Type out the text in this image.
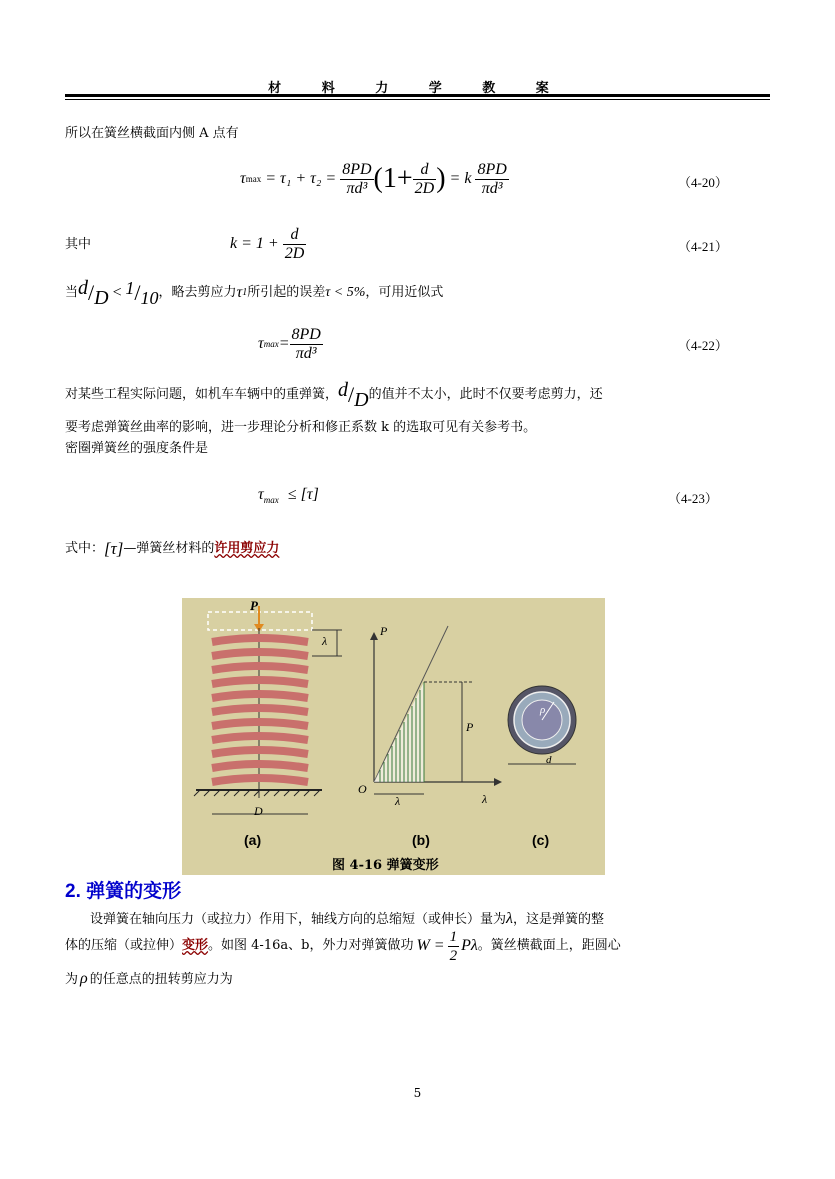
材 料 力 学 教 案
所以在簧丝横截面内侧 A 点有
τ $\max = \tau_1 + \tau_2 = \frac{8PD}{\text{πd³}} (1+ \frac{d}{2D}$ ) = k $\frac{8PD}{\text{πd³}}$	（4-20）
其中	$k = 1 + \frac{d}{2D}$	（4-21）
当 d / D < 1 / 10 ，略去剪应力 τ 1 所引起的误差 τ < 5% ，可用近似式
τ $\max = \frac{8PD}{\text{πd³}}$	（4-22）
对某些工程实际问题，如机车车辆中的重弹簧， d / D 的值并不太小，此时不仅要考虑剪力，还
要考虑弹簧丝曲率的影响，进一步理论分析和修正系数 k 的选取可见有关参考书。
密圈弹簧丝的强度条件是
$\tau_{max} \le [\tau]$	（4-23）
式中： [τ] —弹簧丝材料的 许用剪应力
P
P
λ
D
O
λ	λ
P
d
ρ
(a)	(b)	(c)
图 4-16 弹簧变形
2. 弹簧的变形
设弹簧在轴向压力（或拉力）作用下，轴线方向的总缩短（或伸长）量为λ，这是弹簧的整
体的压缩（或拉伸） 变形 。如图 4-16a、b，外力对弹簧做功 $W = \frac{1}{2}$ Pλ 。簧丝横截面上，距圆心
为 ρ 的任意点的扭转剪应力为
5
